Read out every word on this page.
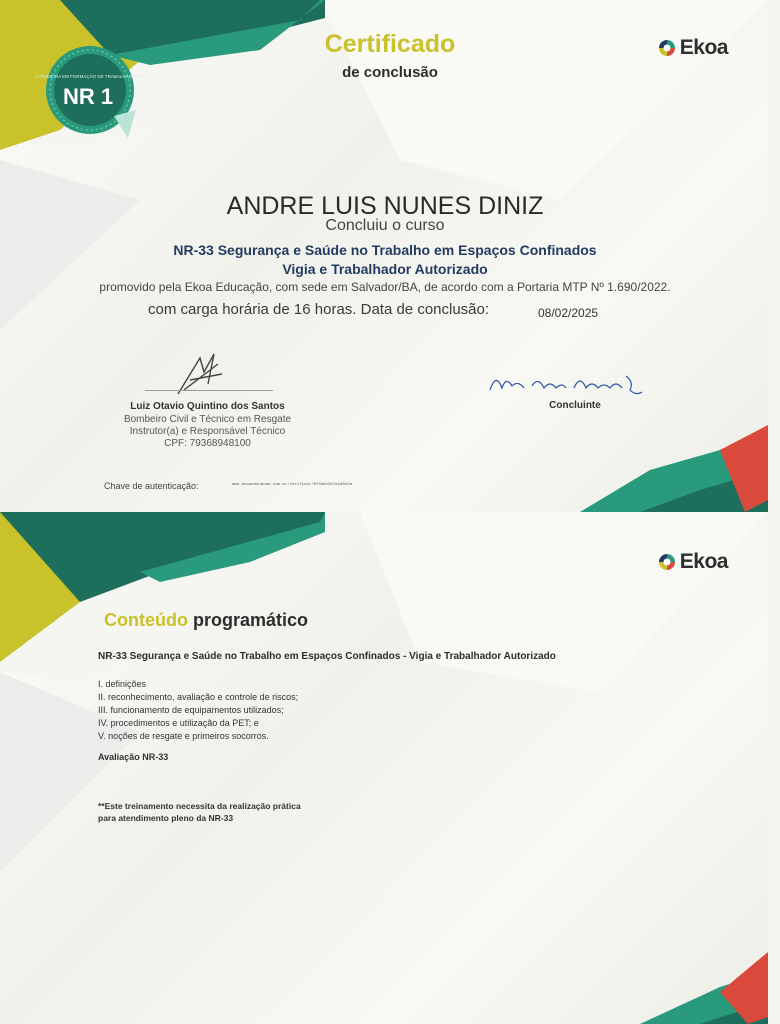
A PRIMEIRA EM FORMAÇÃO DE TRABALHADORES
NR 1
Certificado
de conclusão
Ekoa
ANDRE LUIS NUNES DINIZ
Concluiu o curso
NR-33 Segurança e Saúde no Trabalho em Espaços Confinados
Vigia e Trabalhador Autorizado
promovido pela Ekoa Educação, com sede em Salvador/BA, de acordo com a Portaria MTP Nº 1.690/2022.
com carga horária de 16 horas. Data de conclusão:	08/02/2025
Luiz Otavio Quintino dos Santos
Bombeiro Civil e Técnico em Resgate
Instrutor(a) e Responsável Técnico
CPF: 79368948100
Concluinte
Chave de autenticação:	www.ekoaeducacao.com.br/verificar/0f4a9c2b7e1d5b3a
Ekoa
Conteúdo programático
NR-33 Segurança e Saúde no Trabalho em Espaços Confinados - Vigia e Trabalhador Autorizado
I. definições
II. reconhecimento, avaliação e controle de riscos;
III. funcionamento de equipamentos utilizados;
IV. procedimentos e utilização da PET; e
V. noções de resgate e primeiros socorros.
Avaliação NR-33
**Este treinamento necessita da realização prática
para atendimento pleno da NR-33
